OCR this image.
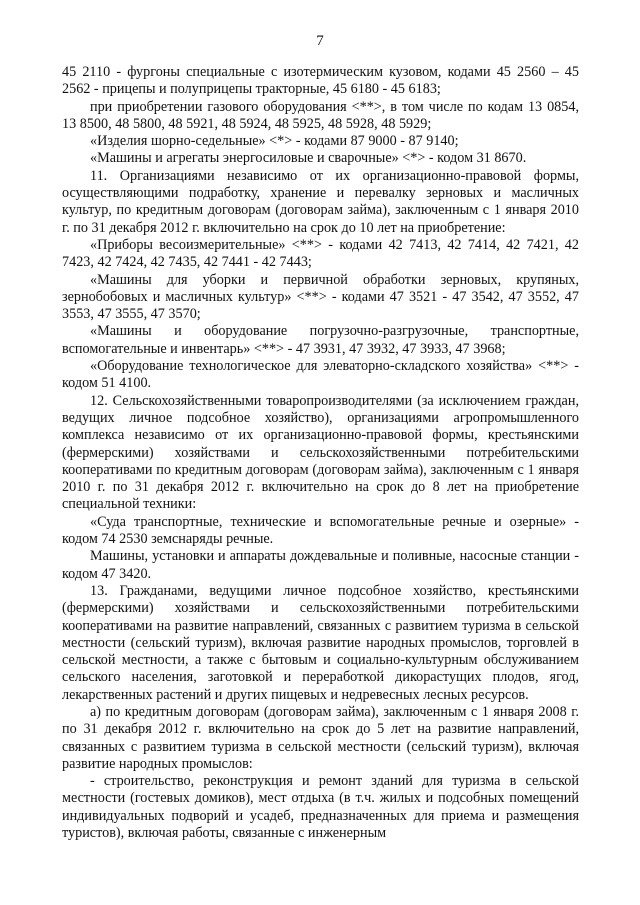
7

45 2110 - фургоны специальные с изотермическим кузовом, кодами 45 2560 – 45 2562 - прицепы и полуприцепы тракторные, 45 6180 - 45 6183;

при приобретении газового оборудования <**>, в том числе по кодам 13 0854, 13 8500, 48 5800, 48 5921, 48 5924, 48 5925, 48 5928, 48 5929;

«Изделия шорно-седельные» <*> - кодами 87 9000 - 87 9140;

«Машины и агрегаты энергосиловые и сварочные» <*> - кодом 31 8670.

11. Организациями независимо от их организационно-правовой формы, осуществляющими подработку, хранение и перевалку зерновых и масличных культур, по кредитным договорам (договорам займа), заключенным с 1 января 2010 г. по 31 декабря 2012 г. включительно на срок до 10 лет на приобретение:

«Приборы весоизмерительные» <**> - кодами 42 7413, 42 7414, 42 7421, 42 7423, 42 7424, 42 7435, 42 7441 - 42 7443;

«Машины для уборки и первичной обработки зерновых, крупяных, зернобобовых и масличных культур» <**> - кодами 47 3521 - 47 3542, 47 3552, 47 3553, 47 3555, 47 3570;

«Машины и оборудование погрузочно-разгрузочные, транспортные, вспомогательные и инвентарь» <**> - 47 3931, 47 3932, 47 3933, 47 3968;

«Оборудование технологическое для элеваторно-складского хозяйства» <**> - кодом 51 4100.

12. Сельскохозяйственными товаропроизводителями (за исключением граждан, ведущих личное подсобное хозяйство), организациями агропромышленного комплекса независимо от их организационно-правовой формы, крестьянскими (фермерскими) хозяйствами и сельскохозяйственными потребительскими кооперативами по кредитным договорам (договорам займа), заключенным с 1 января 2010 г. по 31 декабря 2012 г. включительно на срок до 8 лет на приобретение специальной техники:

«Суда транспортные, технические и вспомогательные речные и озерные» - кодом 74 2530 земснаряды речные.

Машины, установки и аппараты дождевальные и поливные, насосные станции - кодом 47 3420.

13. Гражданами, ведущими личное подсобное хозяйство, крестьянскими (фермерскими) хозяйствами и сельскохозяйственными потребительскими кооперативами на развитие направлений, связанных с развитием туризма в сельской местности (сельский туризм), включая развитие народных промыслов, торговлей в сельской местности, а также с бытовым и социально-культурным обслуживанием сельского населения, заготовкой и переработкой дикорастущих плодов, ягод, лекарственных растений и других пищевых и недревесных лесных ресурсов.

а) по кредитным договорам (договорам займа), заключенным с 1 января 2008 г. по 31 декабря 2012 г. включительно на срок до 5 лет на развитие направлений, связанных с развитием туризма в сельской местности (сельский туризм), включая развитие народных промыслов:

- строительство, реконструкция и ремонт зданий для туризма в сельской местности (гостевых домиков), мест отдыха (в т.ч. жилых и подсобных помещений индивидуальных подворий и усадеб, предназначенных для приема и размещения туристов), включая работы, связанные с инженерным
